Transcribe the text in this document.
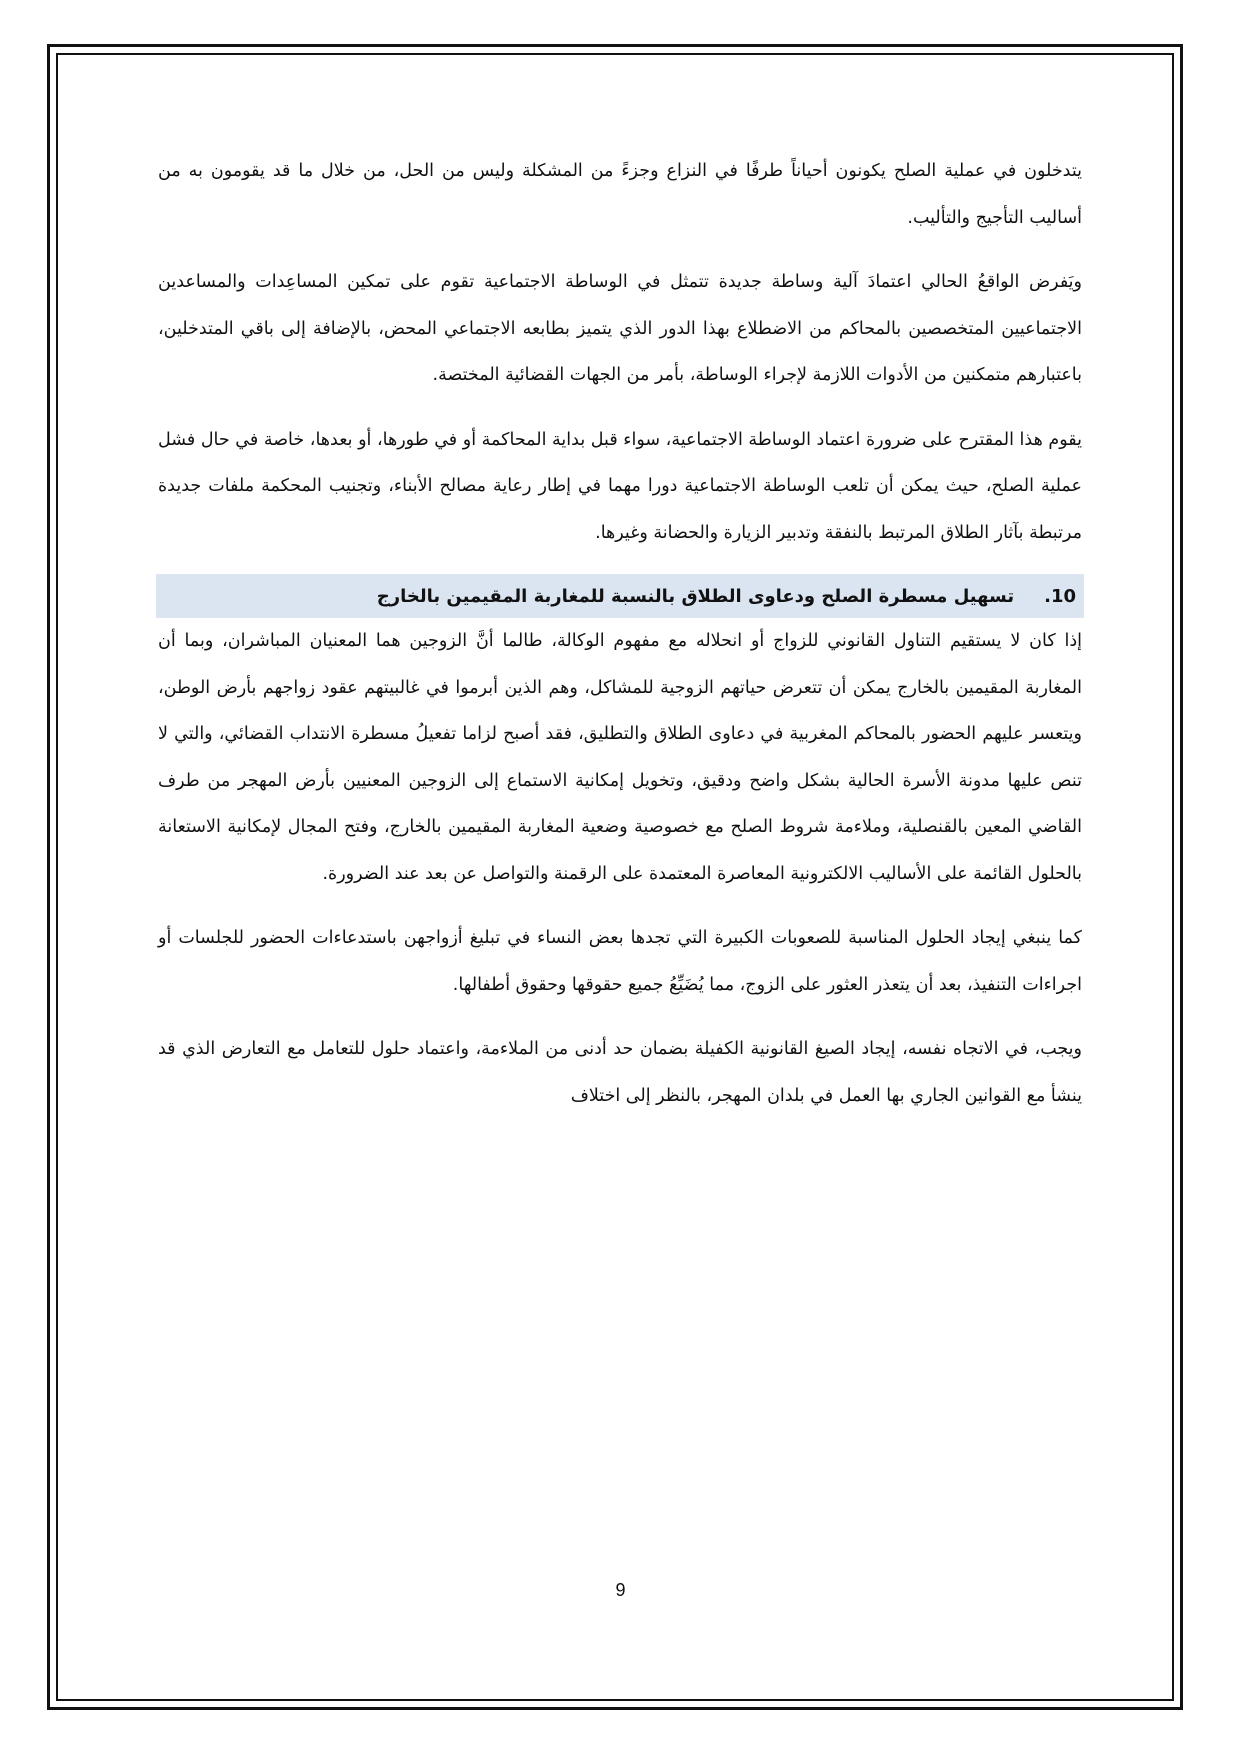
يتدخلون في عملية الصلح يكونون أحياناً طرفًا في النزاع وجزءً من المشكلة وليس من الحل، من خلال ما قد يقومون به من أساليب التأجيج والتأليب.

ويَفرض الواقعُ الحالي اعتمادَ آلية وساطة جديدة تتمثل في الوساطة الاجتماعية تقوم على تمكين المساعِدات والمساعدين الاجتماعيين المتخصصين بالمحاكم من الاضطلاع بهذا الدور الذي يتميز بطابعه الاجتماعي المحض، بالإضافة إلى باقي المتدخلين، باعتبارهم متمكنين من الأدوات اللازمة لإجراء الوساطة، بأمر من الجهات القضائية المختصة.

يقوم هذا المقترح على ضرورة اعتماد الوساطة الاجتماعية، سواء قبل بداية المحاكمة أو في طورها، أو بعدها، خاصة في حال فشل عملية الصلح، حيث يمكن أن تلعب الوساطة الاجتماعية دورا مهما في إطار رعاية مصالح الأبناء، وتجنيب المحكمة ملفات جديدة مرتبطة بآثار الطلاق المرتبط بالنفقة وتدبير الزيارة والحضانة وغيرها.

10.
تسهيل مسطرة الصلح ودعاوى الطلاق بالنسبة للمغاربة المقيمين بالخارج

إذا كان لا يستقيم التناول القانوني للزواج أو انحلاله مع مفهوم الوكالة، طالما أنَّ الزوجين هما المعنيان المباشران، وبما أن المغاربة المقيمين بالخارج يمكن أن تتعرض حياتهم الزوجية للمشاكل، وهم الذين أبرموا في غالبيتهم عقود زواجهم بأرض الوطن، ويتعسر عليهم الحضور بالمحاكم المغربية في دعاوى الطلاق والتطليق، فقد أصبح لزاما تفعيلُ مسطرة الانتداب القضائي، والتي لا تنص عليها مدونة الأسرة الحالية بشكل واضح ودقيق، وتخويل إمكانية الاستماع إلى الزوجين المعنيين بأرض المهجر من طرف القاضي المعين بالقنصلية، وملاءمة شروط الصلح مع خصوصية وضعية المغاربة المقيمين بالخارج، وفتح المجال لإمكانية الاستعانة بالحلول القائمة على الأساليب الالكترونية المعاصرة المعتمدة على الرقمنة والتواصل عن بعد عند الضرورة.

كما ينبغي إيجاد الحلول المناسبة للصعوبات الكبيرة التي تجدها بعض النساء في تبليغ أزواجهن باستدعاءات الحضور للجلسات أو اجراءات التنفيذ، بعد أن يتعذر العثور على الزوج، مما يُضَيِّعُ جميع حقوقها وحقوق أطفالها.

ويجب، في الاتجاه نفسه، إيجاد الصيغ القانونية الكفيلة بضمان حد أدنى من الملاءمة، واعتماد حلول للتعامل مع التعارض الذي قد ينشأ مع القوانين الجاري بها العمل في بلدان المهجر، بالنظر إلى اختلاف

9
